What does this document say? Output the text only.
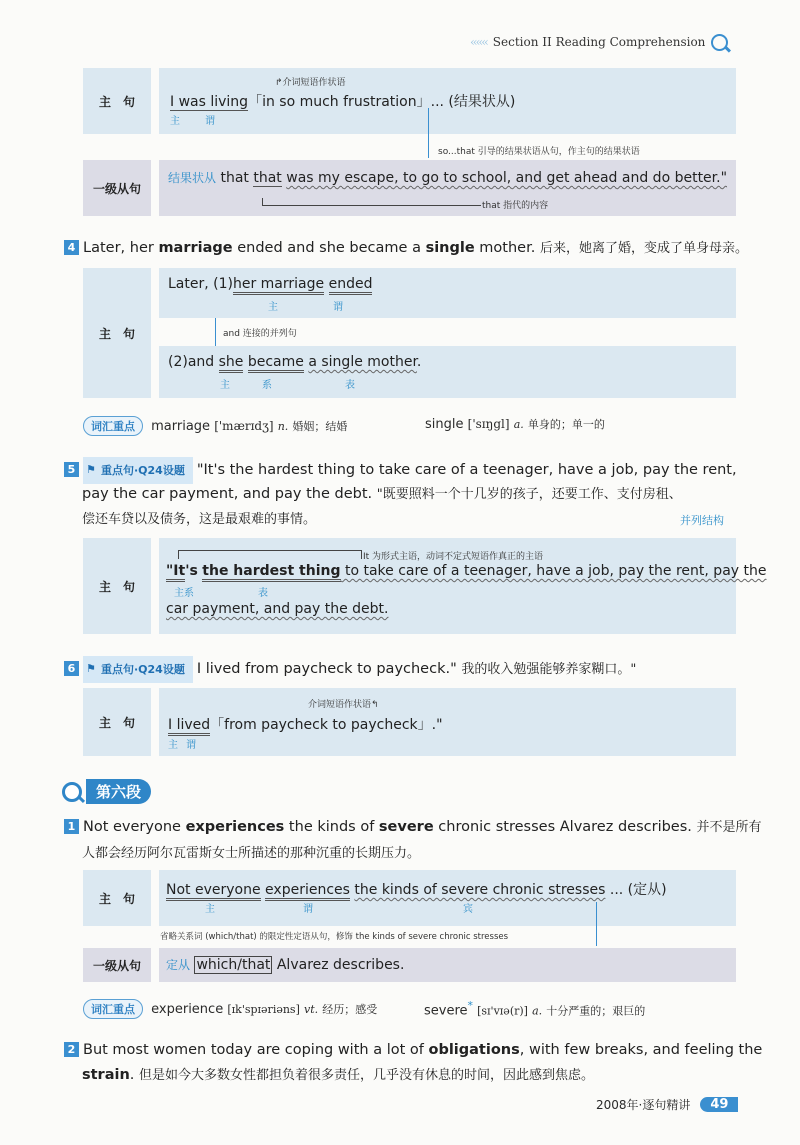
‹‹‹‹‹‹ Section II Reading Comprehension
主　句
↱介词短语作状语
I was living「in so much frustration」... (结果状从)
主	谓
so...that 引导的结果状语从句，作主句的结果状语
一级从句
结果状从 that that was my escape, to go to school, and get ahead and do better."
that 指代的内容
4 Later, her marriage ended and she became a single mother. 后来，她离了婚，变成了单身母亲。
主　句
Later, (1)her marriage ended
主	谓
and 连接的并列句
(2)and she became a single mother.
主	系	表
词汇重点 marriage ['mærɪdʒ] n. 婚姻；结婚	single ['sɪŋgl] a. 单身的；单一的
5 ⚑ 重点句·Q24设题 "It's the hardest thing to take care of a teenager, have a job, pay the rent,
pay the car payment, and pay the debt. "既要照料一个十几岁的孩子，还要工作、支付房租、
偿还车贷以及债务，这是最艰难的事情。	并列结构
主　句
It 为形式主语，动词不定式短语作真正的主语
"It's the hardest thing to take care of a teenager, have a job, pay the rent, pay the
主系	表
car payment, and pay the debt.
6 ⚑ 重点句·Q24设题 I lived from paycheck to paycheck." 我的收入勉强能够养家糊口。"
主　句
介词短语作状语↰
I lived「from paycheck to paycheck」."
主 谓
第六段
1 Not everyone experiences the kinds of severe chronic stresses Alvarez describes. 并不是所有
人都会经历阿尔瓦雷斯女士所描述的那种沉重的长期压力。
主　句
Not everyone experiences the kinds of severe chronic stresses ... (定从)
主	谓	宾
省略关系词 (which/that) 的限定性定语从句，修饰 the kinds of severe chronic stresses
一级从句	定从 which/that Alvarez describes.
词汇重点 experience [ɪk'spɪəriəns] vt. 经历；感受	severe* [sɪ'vɪə(r)] a. 十分严重的；艰巨的
2 But most women today are coping with a lot of obligations, with few breaks, and feeling the
strain. 但是如今大多数女性都担负着很多责任，几乎没有休息的时间，因此感到焦虑。
2008年·逐句精讲	49
